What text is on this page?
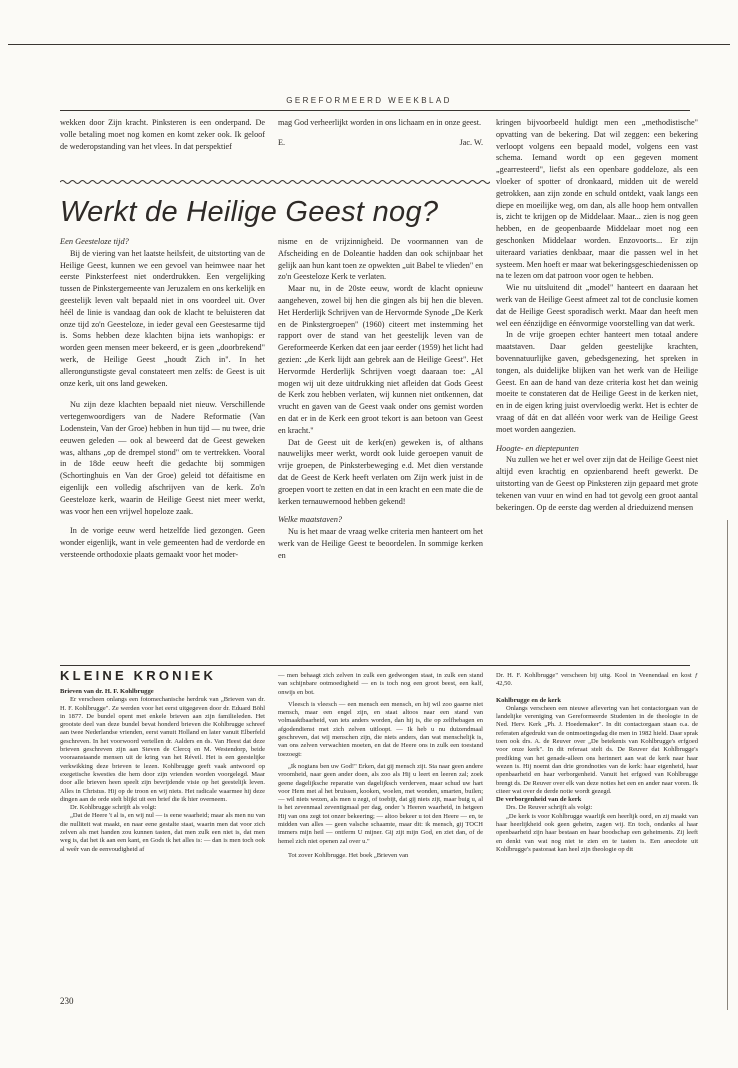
GEREFORMEERD WEEKBLAD

wekken door Zijn kracht. Pinksteren is een onderpand. De volle betaling moet nog komen en komt zeker ook. Ik geloof de wederopstanding van het vlees. In dat perspektief

mag God verheerlijkt worden in ons lichaam en in onze geest.

E.	Jac. W.
Werkt de Heilige Geest nog?

Een Geesteloze tijd?

Bij de viering van het laatste heilsfeit, de uitstorting van de Heilige Geest, kunnen we een gevoel van heimwee naar het eerste Pinksterfeest niet onderdrukken. Een vergelijking tussen de Pinkstergemeente van Jeruzalem en ons kerkelijk en geestelijk leven valt bepaald niet in ons voordeel uit. Over héél de linie is vandaag dan ook de klacht te beluisteren dat onze tijd zo'n Geesteloze, in ieder geval een Geestesarme tijd is. Soms hebben deze klachten bijna iets wanhopigs: er worden geen mensen meer bekeerd, er is geen „doorbrekend" werk, de Heilige Geest „houdt Zich in". In het allerongunstigste geval constateert men zelfs: de Geest is uit onze kerk, uit ons land geweken.

Nu zijn deze klachten bepaald niet nieuw. Verschillende vertegenwoordigers van de Nadere Reformatie (Van Lodenstein, Van der Groe) hebben in hun tijd — nu twee, drie eeuwen geleden — ook al beweerd dat de Geest geweken was, althans „op de drempel stond" om te vertrekken. Vooral in de 18de eeuw heeft die gedachte bij sommigen (Schortinghuis en Van der Groe) geleid tot défaitisme en eigenlijk een volledig afschrijven van de kerk. Zo'n Geesteloze kerk, waarin de Heilige Geest niet meer werkt, was voor hen een vrijwel hopeloze zaak.

In de vorige eeuw werd hetzelfde lied gezongen. Geen wonder eigenlijk, want in vele gemeenten had de verdorde en versteende orthodoxie plaats gemaakt voor het moder-

nisme en de vrijzinnigheid. De voormannen van de Afscheiding en de Doleantie hadden dan ook schijnbaar het gelijk aan hun kant toen ze opwekten „uit Babel te vlieden" en zo'n Geesteloze Kerk te verlaten.

Maar nu, in de 20ste eeuw, wordt de klacht opnieuw aangeheven, zowel bij hen die gingen als bij hen die bleven. Het Herderlijk Schrijven van de Hervormde Synode „De Kerk en de Pinkstergroepen" (1960) citeert met instemming het rapport over de stand van het geestelijk leven van de Gereformeerde Kerken dat een jaar eerder (1959) het licht had gezien: „de Kerk lijdt aan gebrek aan de Heilige Geest". Het Hervormde Herderlijk Schrijven voegt daaraan toe: „Al mogen wij uit deze uitdrukking niet afleiden dat Gods Geest de Kerk zou hebben verlaten, wij kunnen niet ontkennen, dat vrucht en gaven van de Geest vaak onder ons gemist worden en dat er in de Kerk een groot tekort is aan betoon van Geest en kracht."

Dat de Geest uit de kerk(en) geweken is, of althans nauwelijks meer werkt, wordt ook luide geroepen vanuit de vrije groepen, de Pinksterbeweging e.d. Met dien verstande dat de Geest de Kerk heeft verlaten om Zijn werk juist in de groepen voort te zetten en dat in een kracht en een mate die de kerken ternauwernood hebben gekend!

Welke maatstaven?

Nu is het maar de vraag welke criteria men hanteert om het werk van de Heilige Geest te beoordelen. In sommige kerken en

kringen bijvoorbeeld huldigt men een „methodistische" opvatting van de bekering. Dat wil zeggen: een bekering verloopt volgens een bepaald model, volgens een vast schema. Iemand wordt op een gegeven moment „gearresteerd", liefst als een openbare goddeloze, als een vloeker of spotter of dronkaard, midden uit de wereld getrokken, aan zijn zonde en schuld ontdekt, vaak langs een diepe en moeilijke weg, om dan, als alle hoop hem ontvallen is, zicht te krijgen op de Middelaar. Maar... zien is nog geen hebben, en de geopenbaarde Middelaar moet nog een geschonken Middelaar worden. Enzovoorts... Er zijn uiteraard variaties denkbaar, maar die passen wel in het systeem. Men hoeft er maar wat bekeringsgeschiedenissen op na te lezen om dat patroon voor ogen te hebben.

Wie nu uitsluitend dit „model" hanteert en daaraan het werk van de Heilige Geest afmeet zal tot de conclusie komen dat de Heilige Geest sporadisch werkt. Maar dan heeft men wel een éénzijdige en éénvormige voorstelling van dat werk.

In de vrije groepen echter hanteert men totaal andere maatstaven. Daar gelden geestelijke krachten, bovennatuurlijke gaven, gebedsgenezing, het spreken in tongen, als duidelijke blijken van het werk van de Heilige Geest. En aan de hand van deze criteria kost het dan weinig moeite te constateren dat de Heilige Geest in de kerken niet, en in de eigen kring juist overvloedig werkt. Het is echter de vraag of dát en dat alléén voor werk van de Heilige Geest moet worden aangezien.

Hoogte- en dieptepunten

Nu zullen we het er wel over zijn dat de Heilige Geest niet altijd even krachtig en opzienbarend heeft gewerkt. De uitstorting van de Geest op Pinksteren zijn gepaard met grote tekenen van vuur en wind en had tot gevolg een groot aantal bekeringen. Op de eerste dag werden al drieduizend mensen

KLEINE KRONIEK

Brieven van dr. H. F. Kohlbrugge

Er verscheen onlangs een fotomechanische herdruk van „Brieven van dr. H. F. Kohlbrugge". Ze werden voor het eerst uitgegeven door dr. Eduard Böhl in 1877. De bundel opent met enkele brieven aan zijn familieleden. Het grootste deel van deze bundel bevat honderd brieven die Kohlbrugge schreef aan twee Nederlandse vrienden, eerst vanuit Holland en later vanuit Elberfeld geschreven. In het voorwoord vertellen dr. Aalders en ds. Van Heest dat deze brieven geschreven zijn aan Steven de Clercq en M. Westendorp, beide vooraanstaande mensen uit de kring van het Réveil. Het is een geestelijke verkwikking deze brieven te lezen. Kohlbrugge geeft vaak antwoord op exegetische kwesties die hem door zijn vrienden worden voorgelegd. Maar door alle brieven heen speelt zijn bevrijdende visie op het geestelijk leven. Alles in Christus. Hij op de troon en wij niets. Het radicale waarmee hij deze dingen aan de orde stelt blijkt uit een brief die ik hier overneem.

Dr. Kohlbrugge schrijft als volgt:

„Dat de Heere 't al is, en wij nul — is eene waarheid; maar als men nu van die nulliteit wat maakt, en naar eene gestalte staat, waarin men dat voor zich zelven als met handen zou kunnen tasten, dat men zulk een niet is, dat men weg is, dat het ik aan een kant, en Gods ik het alles is: — dan is men toch ook al weêr van de eenvoudigheid af

— men behaagt zich zelven in zulk een gedwongen staat, in zulk een stand van schijnbare ootmoedigheid — en is toch nog een groot beest, een kalf, onwijs en bot.

Vleesch is vleesch — een mensch een mensch, en hij wil zoo gaarne niet mensch, maar een engel zijn, en staat altoos naar een stand van volmaaktbaarheid, van iets anders worden, dan hij is, die op zelfhebagen en afgodendienst met zich zelven uitloopt. — Ik heb u nu duizendmaal geschreven, dat wij menschen zijn, die niets anders, dan wat menschelijk is, van ons zelven verwachten moeten, en dat de Heere ons in zulk een toestand toezoegt:

„Ik nogtans ben uw God!" Erken, dat gij mensch zijt. Sta naar geen andere vroomheid, naar geen ander doen, als zoo als Hij u leert en leeren zal; zoek geene dagelijksche reparatie van dagelijksch verderven, maar schud uw hart voor Hem met al het bruissen, kooken, woelen, met wonden, smarten, builen; — wil niets wezen, als men u zegt, of toebijt, dat gij niets zijt, maar buig u, al is het zevenmaal zeventigmaal per dag, onder 's Heeren waarheid, in hetgeen Hij van ons zegt tot onzer bekeering; — altoo bekeer u tot den Heere — en, te midden van alles — geen valsche schaamte, maar dit: ik mensch, gij TOCH immers mijn heil — ontferm U mijner. Gij zijt mijn God, en ziet dan, of de hemel zich niet openen zal over u."

Tot zover Kohlbrugge. Het boek „Brieven van

Dr. H. F. Kohlbrugge" verscheen bij uitg. Kool in Veenendaal en kost ƒ 42,50.

Kohlbrugge en de kerk

Onlangs verscheen een nieuwe aflevering van het contactorgaan van de landelijke vereniging van Gereformeerde Studenten in de theologie in de Ned. Herv. Kerk „Ph. J. Hoedemaker". In dit contactorgaan staan o.a. de referaten afgedrukt van de ontmoetingsdag die men in 1982 hield. Daar sprak toen ook drs. A. de Reuver over „De betekenis van Kohlbrugge's erfgoed voor onze kerk". In dit referaat stelt ds. De Reuver dat Kohlbrugge's prediking van het genade-alleen ons herinnert aan wat de kerk naar haar wezen is. Hij noemt dan drie grondnoties van de kerk: haar eigenheid, haar openbaarheid en haar verborgenheid. Vanuit het erfgoed van Kohlbrugge brengt ds. De Reuver over elk van deze noties het een en ander naar voren. Ik citeer wat over de derde notie wordt gezegd.

De verborgenheid van de kerk

Drs. De Reuver schrijft als volgt:

„De kerk is voor Kohlbrugge waarlijk een heerlijk oord, en zij maakt van haar heerlijkheid ook geen geheim, zagen wij. En toch, ondanks al haar openbaarheid zijn haar bestaan en haar boodschap een geheimenis. Zij leeft en denkt van wat nog niet te zien en te tasten is. Een anecdote uit Kohlbrugge's pastoraat kan heel zijn theologie op dit

230
